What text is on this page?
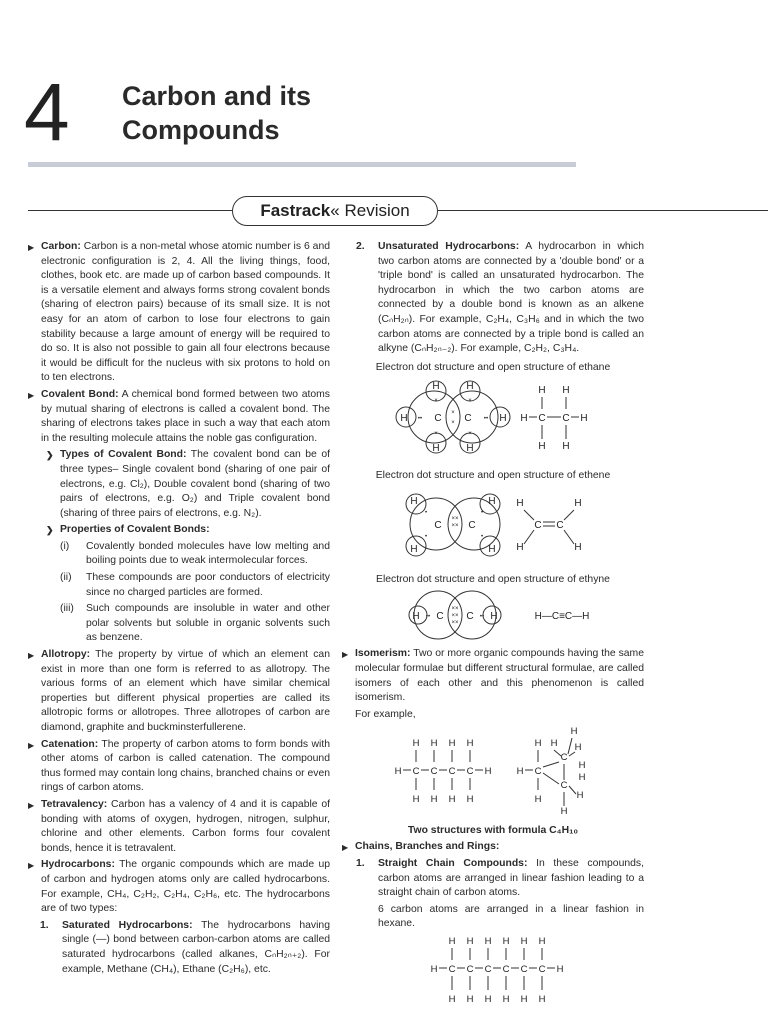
4 Carbon and its
Compounds
Fastrack« Revision

▶ Carbon: Carbon is a non-metal whose atomic number is 6 and electronic configuration is 2, 4. All the living things, food, clothes, book etc. are made up of carbon based compounds. It is a versatile element and always forms strong covalent bonds (sharing of electron pairs) because of its small size. It is not easy for an atom of carbon to lose four electrons to gain stability because a large amount of energy will be required to do so. It is also not possible to gain all four electrons because it would be difficult for the nucleus with six protons to hold on to ten electrons.

▶ Covalent Bond: A chemical bond formed between two atoms by mutual sharing of electrons is called a covalent bond. The sharing of electrons takes place in such a way that each atom in the resulting molecule attains the noble gas configuration.

❯ Types of Covalent Bond: The covalent bond can be of three types– Single covalent bond (sharing of one pair of electrons, e.g. Cl₂), Double covalent bond (sharing of two pairs of electrons, e.g. O₂) and Triple covalent bond (sharing of three pairs of electrons, e.g. N₂).

❯ Properties of Covalent Bonds:

(i) Covalently bonded molecules have low melting and boiling points due to weak intermolecular forces.

(ii) These compounds are poor conductors of electricity since no charged particles are formed.

(iii) Such compounds are insoluble in water and other polar solvents but soluble in organic solvents such as benzene.

▶ Allotropy: The property by virtue of which an element can exist in more than one form is referred to as allotropy. The various forms of an element which have similar chemical properties but different physical properties are called its allotropic forms or allotropes. Three allotropes of carbon are diamond, graphite and buckminsterfullerene.

▶ Catenation: The property of carbon atoms to form bonds with other atoms of carbon is called catenation. The compound thus formed may contain long chains, branched chains or even rings of carbon atoms.

▶ Tetravalency: Carbon has a valency of 4 and it is capable of bonding with atoms of oxygen, hydrogen, nitrogen, sulphur, chlorine and other elements. Carbon forms four covalent bonds, hence it is tetravalent.

▶ Hydrocarbons: The organic compounds which are made up of carbon and hydrogen atoms only are called hydrocarbons. For example, CH₄, C₂H₂, C₂H₄, C₂H₆, etc. The hydrocarbons are of two types:

1. Saturated Hydrocarbons: The hydrocarbons having single (—) bond between carbon-carbon atoms are called saturated hydrocarbons (called alkanes, CₙH₂ₙ₊₂). For example, Methane (CH₄), Ethane (C₂H₆), etc.

2. Unsaturated Hydrocarbons: A hydrocarbon in which two carbon atoms are connected by a 'double bond' or a 'triple bond' is called an unsaturated hydrocarbon. The hydrocarbon in which the two carbon atoms are connected by a double bond is known as an alkene (CₙH₂ₙ). For example, C₂H₄, C₃H₆ and in which the two carbon atoms are connected by a triple bond is called an alkyne (CₙH₂ₙ₋₂). For example, C₂H₂, C₃H₄.

Electron dot structure and open structure of ethane

C C
H	H
H	H
H	H
H H
H C C H
H H
×	×
×	×
••	••
×
×

Electron dot structure and open structure of ethene

C	C
H	H
H	H
H	H
C C
H	H
××
××
•	•
•	•

Electron dot structure and open structure of ethyne

C C
H	H	H—C≡C—H
××
××
××
••	••

▶ Isomerism: Two or more organic compounds having the same molecular formulae but different structural formulae, are called isomers of each other and this phenomenon is called isomerism.

For example,

C C C C
H	H
H H H H
H H H H
C
H
H
H
H
C
C
H
H
H
H
H
H

Two structures with formula C₄H₁₀

▶ Chains, Branches and Rings:

1. Straight Chain Compounds: In these compounds, carbon atoms are arranged in linear fashion leading to a straight chain of carbon atoms.

6 carbon atoms are arranged in a linear fashion in hexane.

H C C C C C C H
H H H H H H
H H H H H H
